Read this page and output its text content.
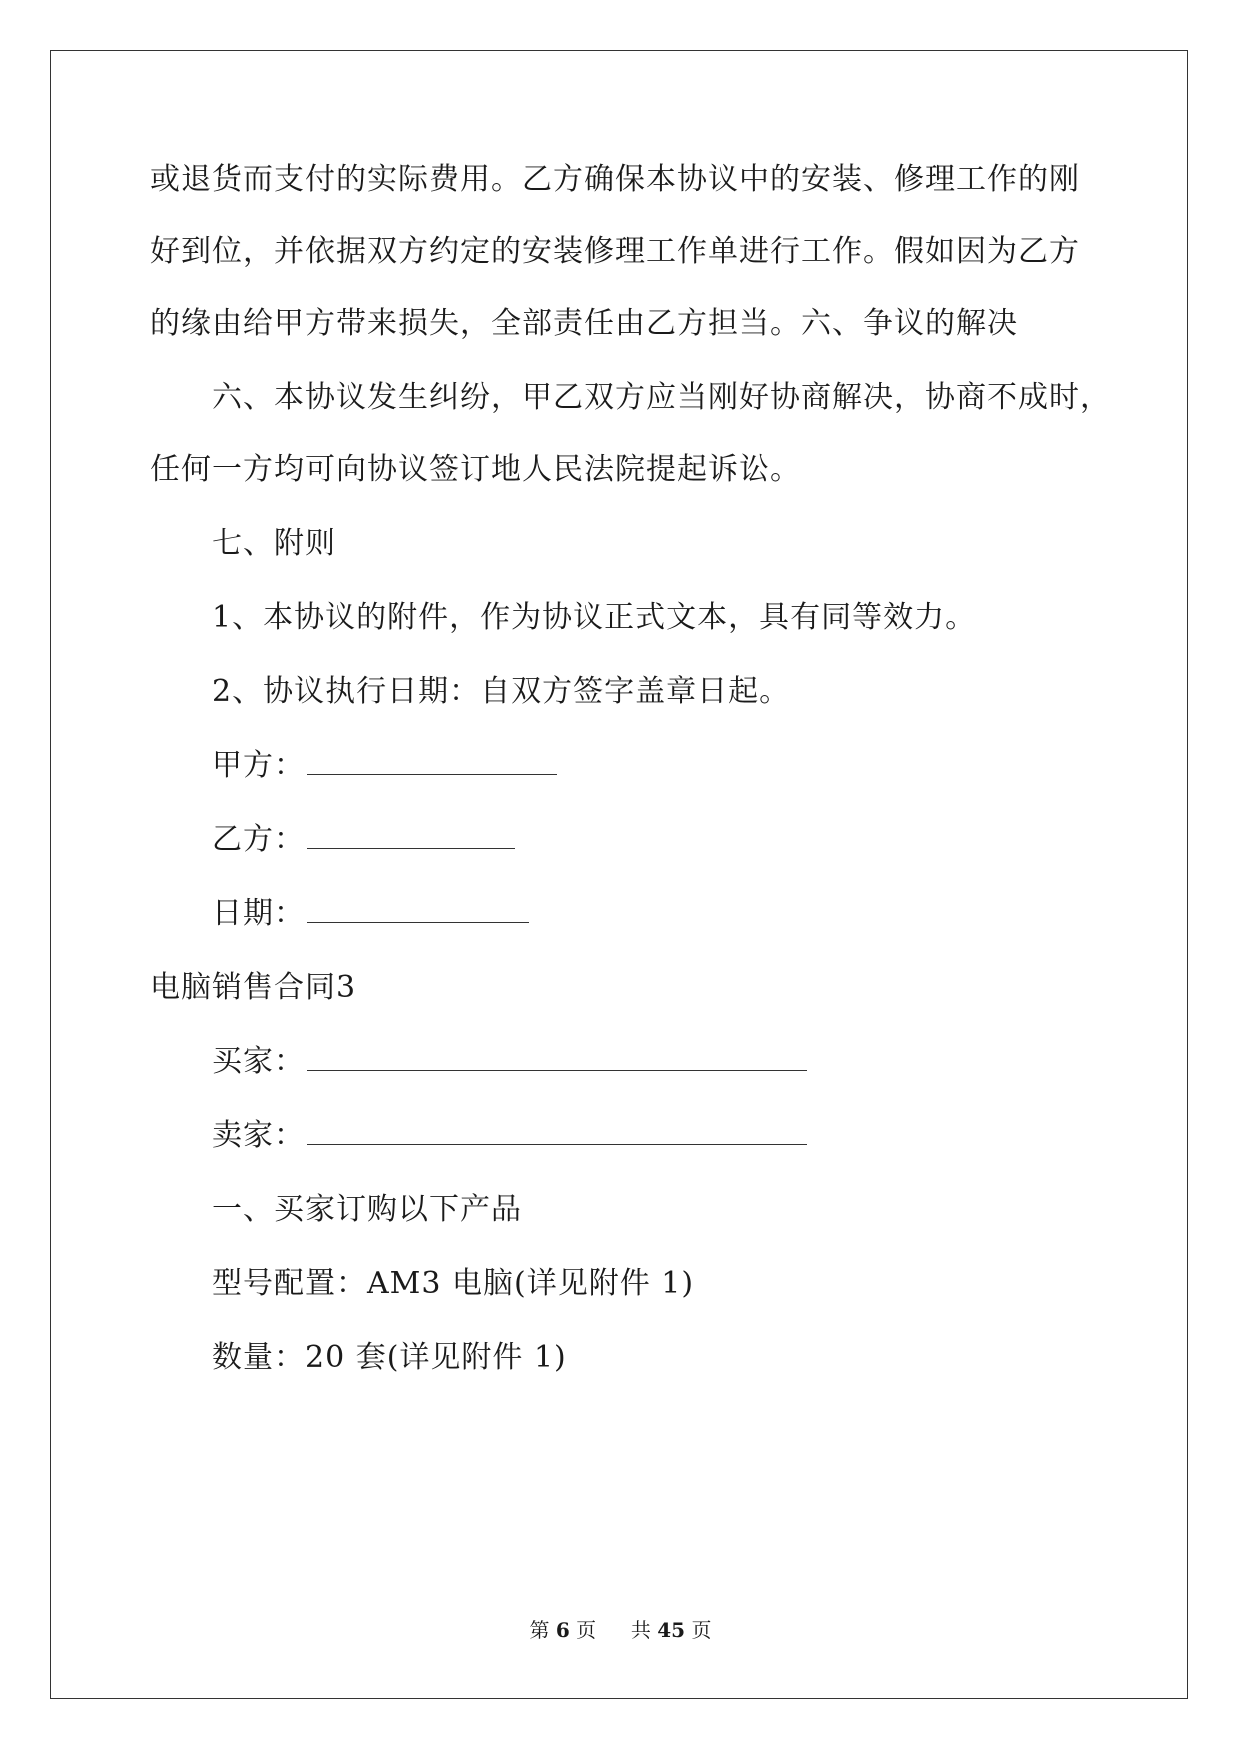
或退货而支付的实际费用。乙方确保本协议中的安装、修理工作的刚
好到位，并依据双方约定的安装修理工作单进行工作。假如因为乙方
的缘由给甲方带来损失，全部责任由乙方担当。六、争议的解决
六、本协议发生纠纷，甲乙双方应当刚好协商解决，协商不成时，
任何一方均可向协议签订地人民法院提起诉讼。
七、附则
1、本协议的附件，作为协议正式文本，具有同等效力。
2、协议执行日期：自双方签字盖章日起。
甲方：
乙方：
日期：
电脑销售合同3
买家：
卖家：
一、买家订购以下产品
型号配置：AM3 电脑(详见附件 1)
数量：20 套(详见附件 1)
第 6 页 共 45 页
